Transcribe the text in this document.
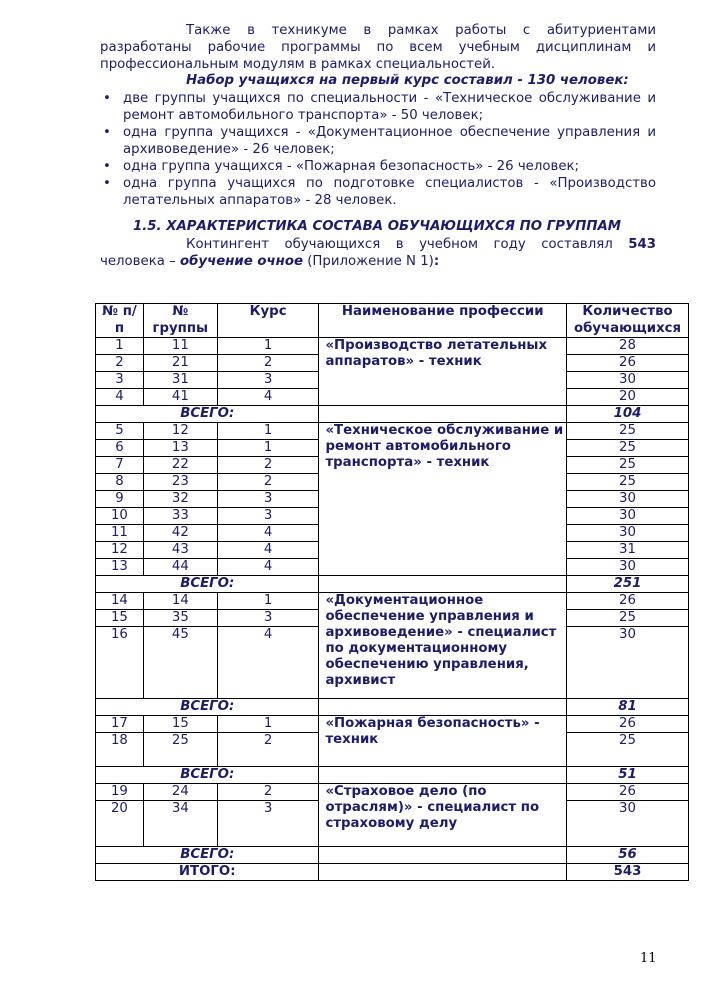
Также в техникуме в рамках работы с абитуриентами разработаны рабочие программы по всем учебным дисциплинам и профессиональным модулям в рамках специальностей.
Набор учащихся на первый курс составил - 130 человек:
• две группы учащихся по специальности - «Техническое обслуживание и ремонт автомобильного транспорта» - 50 человек;
• одна группа учащихся - «Документационное обеспечение управления и архивоведение» - 26 человек;
• одна группа учащихся - «Пожарная безопасность» - 26 человек;
• одна группа учащихся по подготовке специалистов - «Производство летательных аппаратов» - 28 человек.
1.5. ХАРАКТЕРИСТИКА СОСТАВА ОБУЧАЮЩИХСЯ ПО ГРУППАМ
Контингент обучающихся в учебном году составлял 543 человека – обучение очное (Приложение N 1):
№ п/п	№ группы	Курс	Наименование профессии	Количество обучающихся
1	11	1	«Производство летательных аппаратов» - техник	28
2	21	2		26
3	31	3		30
4	41	4		20
ВСЕГО:				104
5	12	1	«Техническое обслуживание и ремонт автомобильного транспорта» - техник	25
6	13	1		25
7	22	2		25
8	23	2		25
9	32	3		30
10	33	3		30
11	42	4		30
12	43	4		31
13	44	4		30
ВСЕГО:				251
14	14	1	«Документационное обеспечение управления и архивоведение» - специалист по документационному обеспечению управления, архивист	26
15	35	3		25
16	45	4		30
ВСЕГО:				81
17	15	1	«Пожарная безопасность» - техник	26
18	25	2		25
ВСЕГО:				51
19	24	2	«Страховое дело (по отраслям)» - специалист по страховому делу	26
20	34	3		30
ВСЕГО:				56
ИТОГО:				543
11
